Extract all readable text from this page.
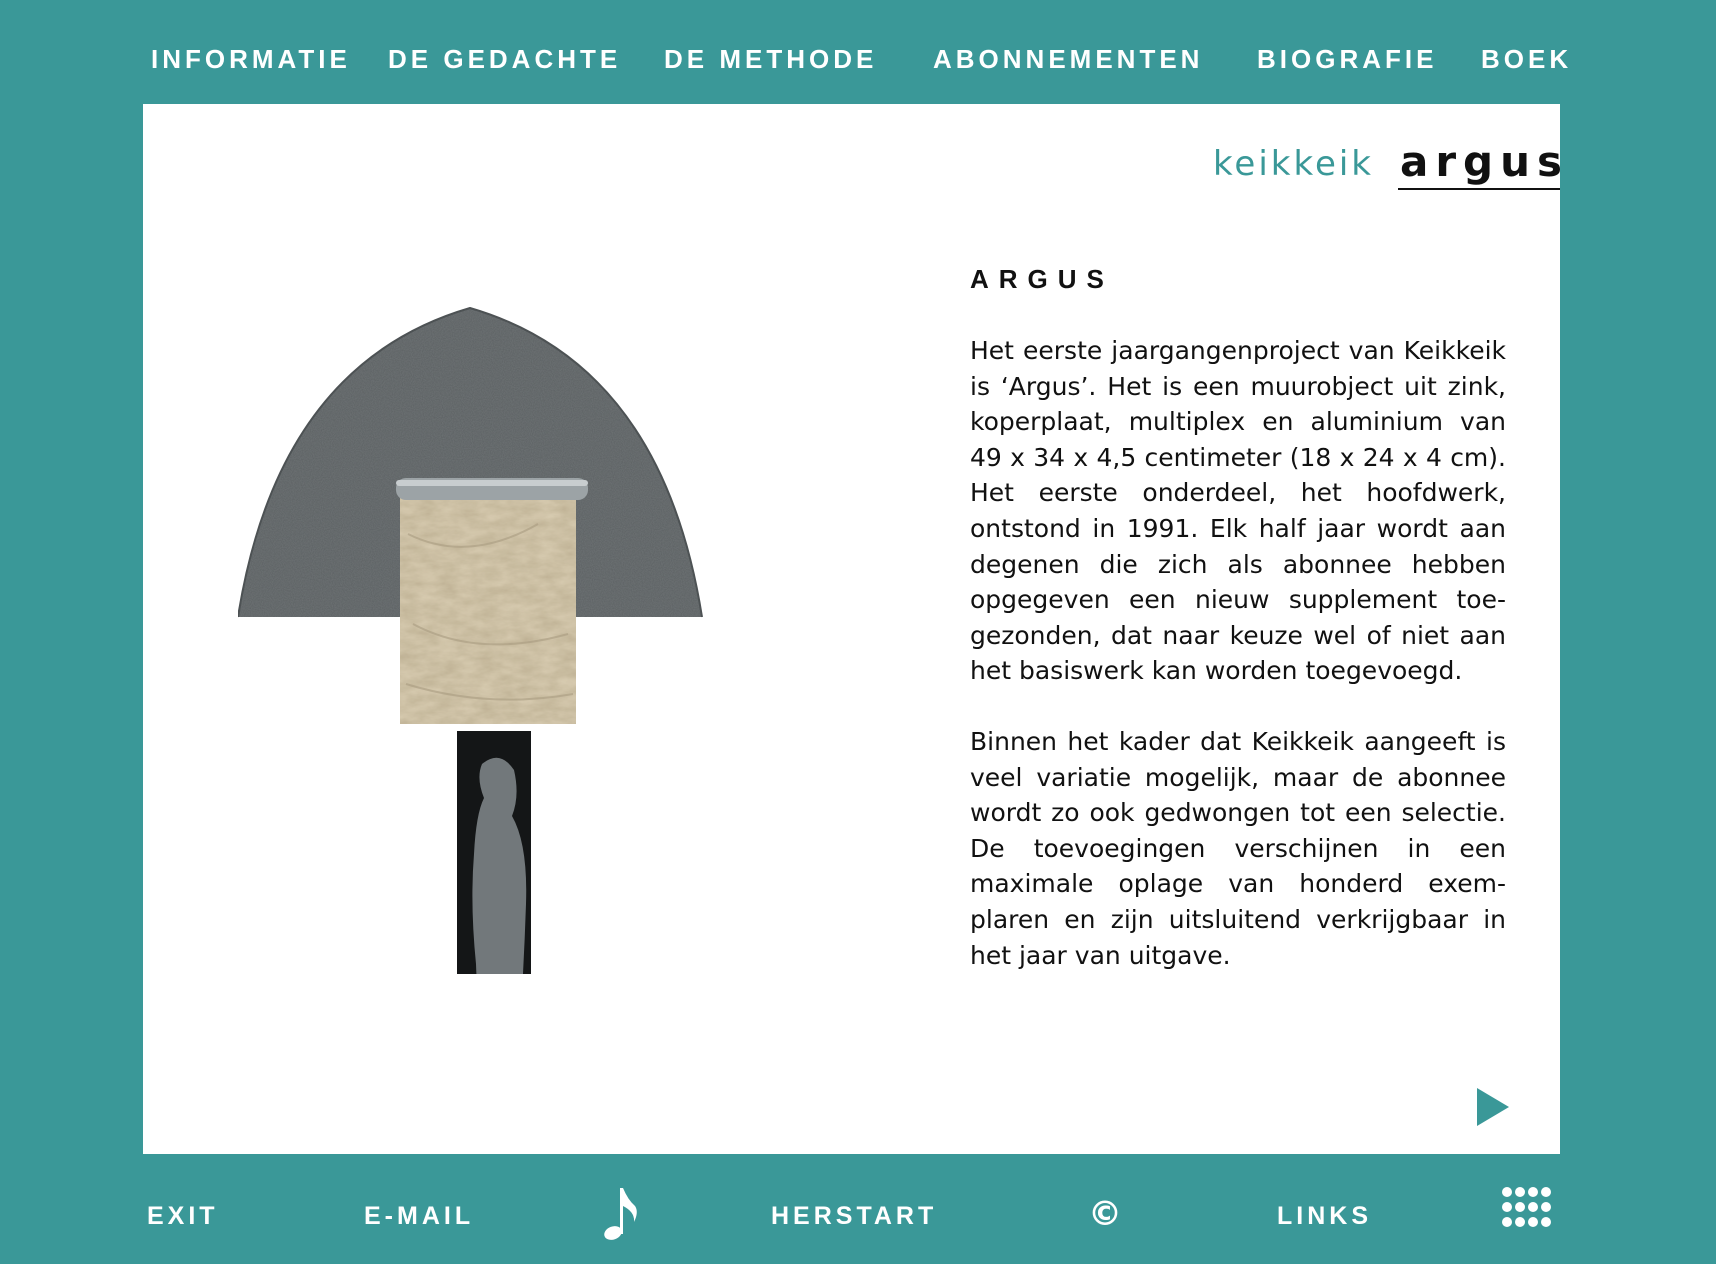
INFORMATIE DE GEDACHTE DE METHODE ABONNEMENTEN BIOGRAFIE BOEK
keikkeik argus
ARGUS

Het eerste jaargangenproject van Keikkeik is ‘Argus’. Het is een muurobject uit zink, koperplaat, multiplex en aluminium van 49 x 34 x 4,5 centimeter (18 x 24 x 4 cm). Het eerste onderdeel, het hoofdwerk, ontstond in 1991. Elk half jaar wordt aan degenen die zich als abonnee hebben opgegeven een nieuw supplement toegezonden, dat naar keuze wel of niet aan het basiswerk kan worden toegevoegd.

Binnen het kader dat Keikkeik aangeeft is veel variatie mogelijk, maar de abonnee wordt zo ook gedwongen tot een selectie. De toevoegingen verschijnen in een maximale oplage van honderd exemplaren en zijn uitsluitend verkrijgbaar in het jaar van uitgave.

EXIT	E-MAIL	HERSTART	©	LINKS
